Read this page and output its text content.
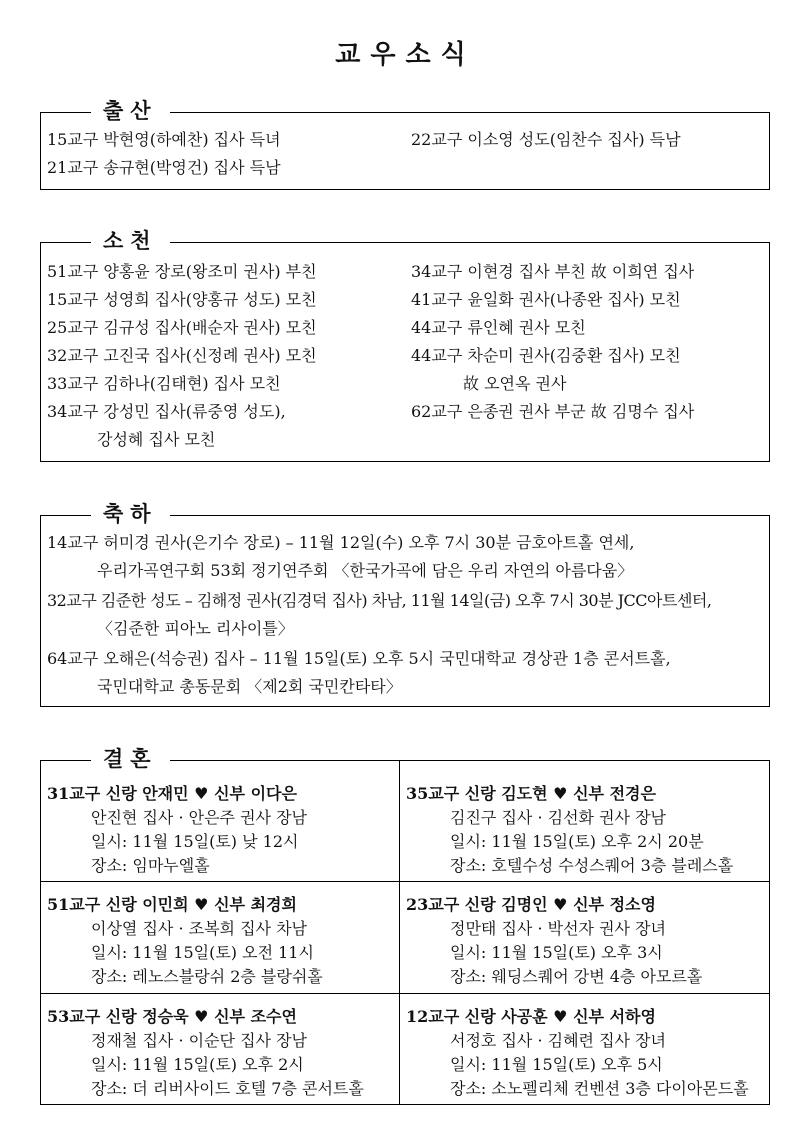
교우소식
출산
15교구 박현영(하예찬) 집사 득녀
21교구 송규현(박영건) 집사 득남
22교구 이소영 성도(임찬수 집사) 득남
소천
51교구 양홍윤 장로(왕조미 권사) 부친
15교구 성영희 집사(양홍규 성도) 모친
25교구 김규성 집사(배순자 권사) 모친
32교구 고진국 집사(신정례 권사) 모친
33교구 김하나(김태현) 집사 모친
34교구 강성민 집사(류중영 성도),
강성혜 집사 모친
34교구 이현경 집사 부친 故 이희연 집사
41교구 윤일화 권사(나종완 집사) 모친
44교구 류인혜 권사 모친
44교구 차순미 권사(김중환 집사) 모친
故 오연옥 권사
62교구 은종권 권사 부군 故 김명수 집사
축하
14교구 허미경 권사(은기수 장로) – 11월 12일(수) 오후 7시 30분 금호아트홀 연세,
우리가곡연구회 53회 정기연주회 〈한국가곡에 담은 우리 자연의 아름다움〉
32교구 김준한 성도 – 김해정 권사(김경덕 집사) 차남, 11월 14일(금) 오후 7시 30분 JCC아트센터,
〈김준한 피아노 리사이틀〉
64교구 오해은(석승권) 집사 – 11월 15일(토) 오후 5시 국민대학교 경상관 1층 콘서트홀,
국민대학교 총동문회 〈제2회 국민칸타타〉
결혼
31교구 신랑 안재민 ♥ 신부 이다은
안진현 집사 · 안은주 권사 장남
일시: 11월 15일(토) 낮 12시
장소: 임마누엘홀
35교구 신랑 김도현 ♥ 신부 전경은
김진구 집사 · 김선화 권사 장남
일시: 11월 15일(토) 오후 2시 20분
장소: 호텔수성 수성스퀘어 3층 블레스홀
51교구 신랑 이민희 ♥ 신부 최경희
이상열 집사 · 조복희 집사 차남
일시: 11월 15일(토) 오전 11시
장소: 레노스블랑쉬 2층 블랑쉬홀
23교구 신랑 김명인 ♥ 신부 정소영
정만태 집사 · 박선자 권사 장녀
일시: 11월 15일(토) 오후 3시
장소: 웨딩스퀘어 강변 4층 아모르홀
53교구 신랑 정승욱 ♥ 신부 조수연
정재철 집사 · 이순단 집사 장남
일시: 11월 15일(토) 오후 2시
장소: 더 리버사이드 호텔 7층 콘서트홀
12교구 신랑 사공훈 ♥ 신부 서하영
서정호 집사 · 김혜련 집사 장녀
일시: 11월 15일(토) 오후 5시
장소: 소노펠리체 컨벤션 3층 다이아몬드홀
